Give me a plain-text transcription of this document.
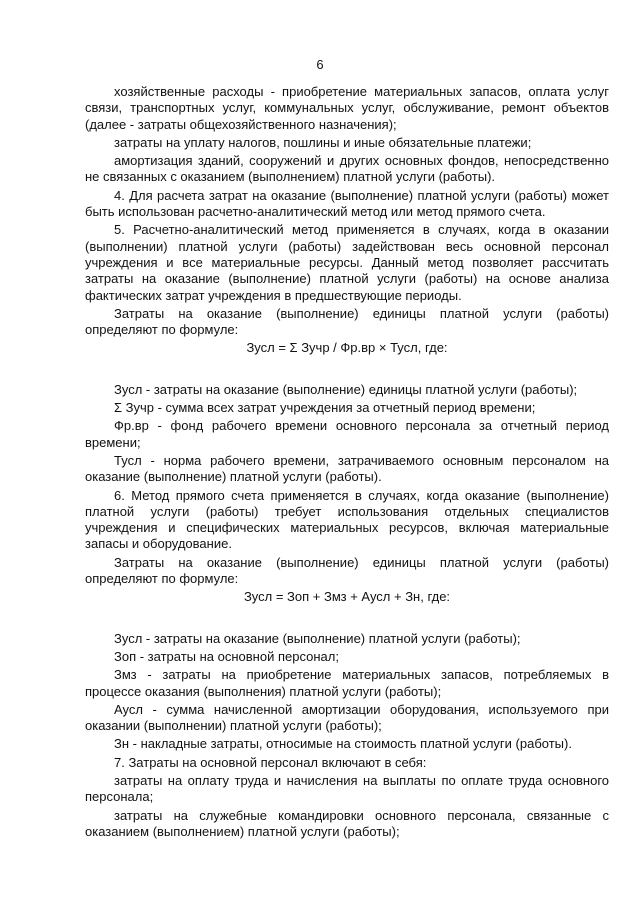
6

хозяйственные расходы - приобретение материальных запасов, оплата услуг связи, транспортных услуг, коммунальных услуг, обслуживание, ремонт объектов (далее - затраты общехозяйственного назначения);

затраты на уплату налогов, пошлины и иные обязательные платежи;

амортизация зданий, сооружений и других основных фондов, непосредственно не связанных с оказанием (выполнением) платной услуги (работы).

4. Для расчета затрат на оказание (выполнение) платной услуги (работы) может быть использован расчетно-аналитический метод или метод прямого счета.

5. Расчетно-аналитический метод применяется в случаях, когда в оказании (выполнении) платной услуги (работы) задействован весь основной персонал учреждения и все материальные ресурсы. Данный метод позволяет рассчитать затраты на оказание (выполнение) платной услуги (работы) на основе анализа фактических затрат учреждения в предшествующие периоды.

Затраты на оказание (выполнение) единицы платной услуги (работы) определяют по формуле:

Зусл = Σ Зучр / Фр.вр × Тусл, где:

Зусл - затраты на оказание (выполнение) единицы платной услуги (работы);

Σ Зучр - сумма всех затрат учреждения за отчетный период времени;

Фр.вр - фонд рабочего времени основного персонала за отчетный период времени;

Тусл - норма рабочего времени, затрачиваемого основным персоналом на оказание (выполнение) платной услуги (работы).

6. Метод прямого счета применяется в случаях, когда оказание (выполнение) платной услуги (работы) требует использования отдельных специалистов учреждения и специфических материальных ресурсов, включая материальные запасы и оборудование.

Затраты на оказание (выполнение) единицы платной услуги (работы) определяют по формуле:

Зусл = Зоп + Змз + Аусл + Зн, где:

Зусл - затраты на оказание (выполнение) платной услуги (работы);

Зоп - затраты на основной персонал;

Змз - затраты на приобретение материальных запасов, потребляемых в процессе оказания (выполнения) платной услуги (работы);

Аусл - сумма начисленной амортизации оборудования, используемого при оказании (выполнении) платной услуги (работы);

Зн - накладные затраты, относимые на стоимость платной услуги (работы).

7. Затраты на основной персонал включают в себя:

затраты на оплату труда и начисления на выплаты по оплате труда основного персонала;

затраты на служебные командировки основного персонала, связанные с оказанием (выполнением) платной услуги (работы);
